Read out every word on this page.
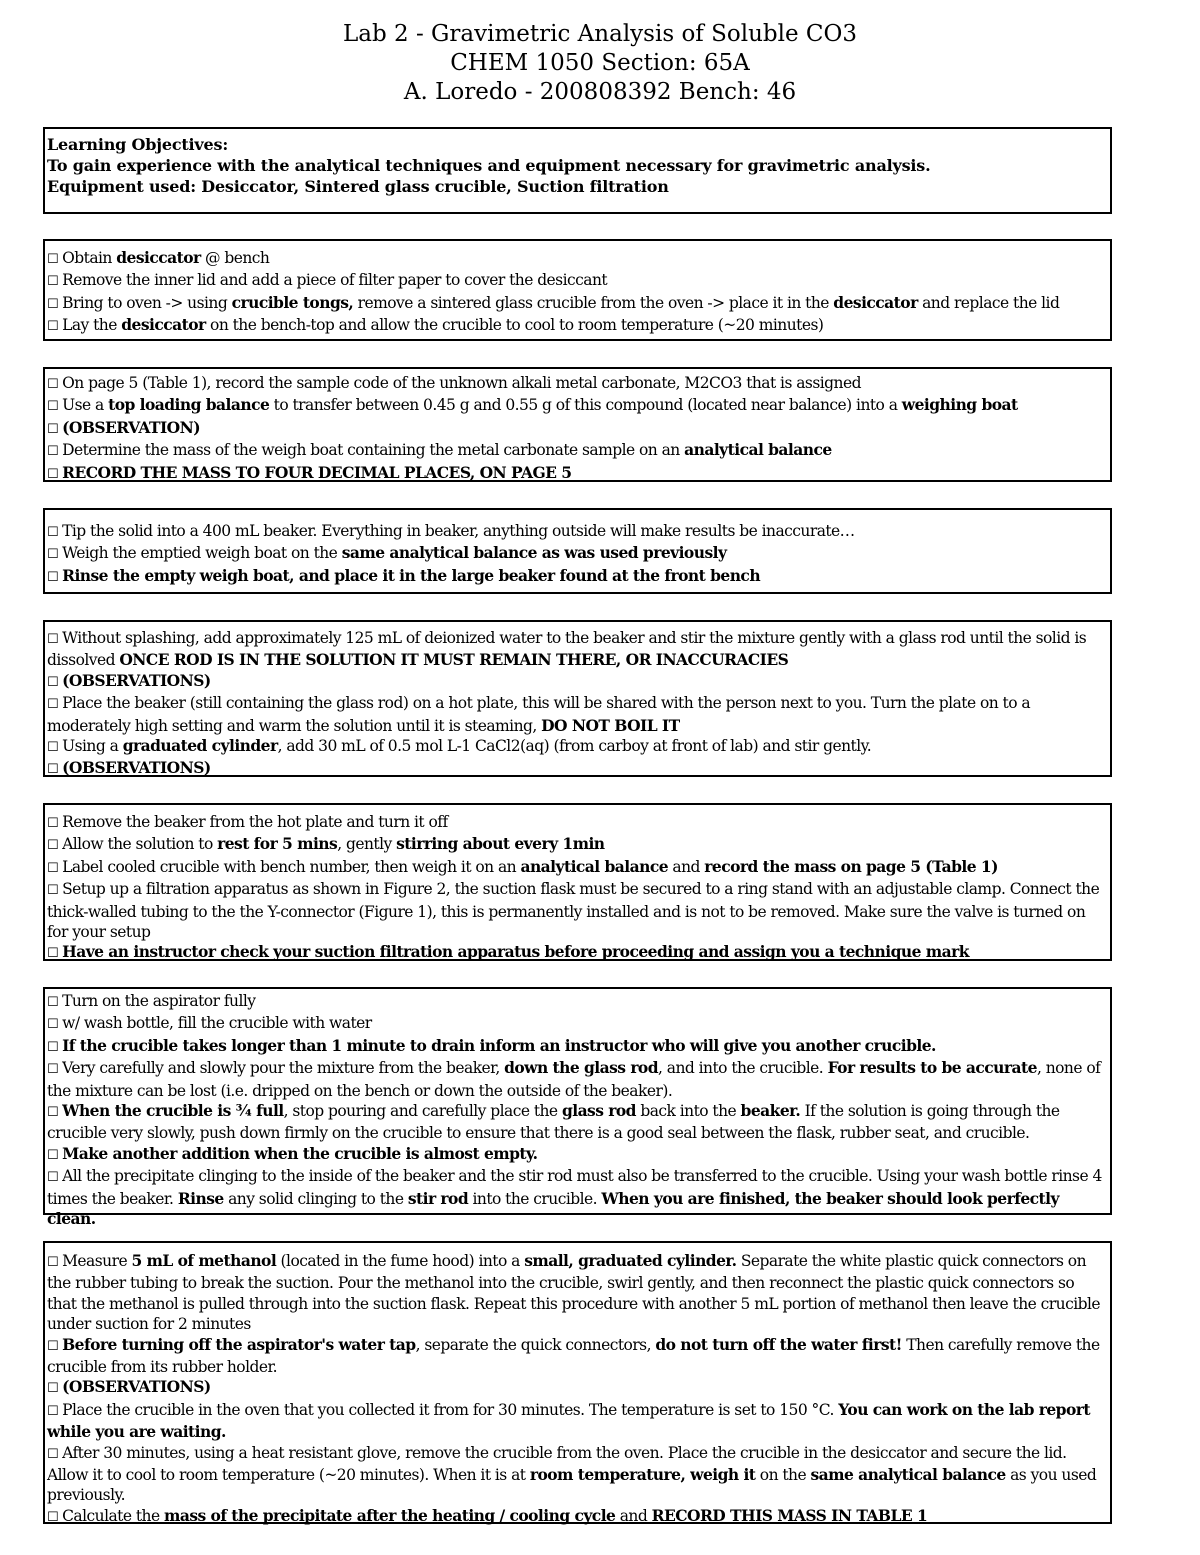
Lab 2 - Gravimetric Analysis of Soluble CO3
CHEM 1050 Section: 65A
A. Loredo - 200808392 Bench: 46

Learning Objectives:

To gain experience with the analytical techniques and equipment necessary for gravimetric analysis.

Equipment used: Desiccator, Sintered glass crucible, Suction filtration

☐ Obtain desiccator @ bench

☐ Remove the inner lid and add a piece of filter paper to cover the desiccant

☐ Bring to oven -> using crucible tongs, remove a sintered glass crucible from the oven -> place it in the desiccator and replace the lid

☐ Lay the desiccator on the bench-top and allow the crucible to cool to room temperature (~20 minutes)

☐ On page 5 (Table 1), record the sample code of the unknown alkali metal carbonate, M2CO3 that is assigned

☐ Use a top loading balance to transfer between 0.45 g and 0.55 g of this compound (located near balance) into a weighing boat

☐ (OBSERVATION)

☐ Determine the mass of the weigh boat containing the metal carbonate sample on an analytical balance

☐ RECORD THE MASS TO FOUR DECIMAL PLACES, ON PAGE 5

☐ Tip the solid into a 400 mL beaker. Everything in beaker, anything outside will make results be inaccurate…

☐ Weigh the emptied weigh boat on the same analytical balance as was used previously

☐ Rinse the empty weigh boat, and place it in the large beaker found at the front bench

☐ Without splashing, add approximately 125 mL of deionized water to the beaker and stir the mixture gently with a glass rod until the solid is dissolved ONCE ROD IS IN THE SOLUTION IT MUST REMAIN THERE, OR INACCURACIES

☐ (OBSERVATIONS)

☐ Place the beaker (still containing the glass rod) on a hot plate, this will be shared with the person next to you. Turn the plate on to a moderately high setting and warm the solution until it is steaming, DO NOT BOIL IT

☐ Using a graduated cylinder, add 30 mL of 0.5 mol L-1 CaCl2(aq) (from carboy at front of lab) and stir gently.

☐ (OBSERVATIONS)

☐ Remove the beaker from the hot plate and turn it off

☐ Allow the solution to rest for 5 mins, gently stirring about every 1min

☐ Label cooled crucible with bench number, then weigh it on an analytical balance and record the mass on page 5 (Table 1)

☐ Setup up a filtration apparatus as shown in Figure 2, the suction flask must be secured to a ring stand with an adjustable clamp. Connect the thick-walled tubing to the the Y-connector (Figure 1), this is permanently installed and is not to be removed. Make sure the valve is turned on for your setup

☐ Have an instructor check your suction filtration apparatus before proceeding and assign you a technique mark

☐ Turn on the aspirator fully

☐ w/ wash bottle, fill the crucible with water

☐ If the crucible takes longer than 1 minute to drain inform an instructor who will give you another crucible.

☐ Very carefully and slowly pour the mixture from the beaker, down the glass rod, and into the crucible. For results to be accurate, none of the mixture can be lost (i.e. dripped on the bench or down the outside of the beaker).

☐ When the crucible is ¾ full, stop pouring and carefully place the glass rod back into the beaker. If the solution is going through the crucible very slowly, push down firmly on the crucible to ensure that there is a good seal between the flask, rubber seat, and crucible.

☐ Make another addition when the crucible is almost empty.

☐ All the precipitate clinging to the inside of the beaker and the stir rod must also be transferred to the crucible. Using your wash bottle rinse 4 times the beaker. Rinse any solid clinging to the stir rod into the crucible. When you are finished, the beaker should look perfectly clean.

☐ Measure 5 mL of methanol (located in the fume hood) into a small, graduated cylinder. Separate the white plastic quick connectors on the rubber tubing to break the suction. Pour the methanol into the crucible, swirl gently, and then reconnect the plastic quick connectors so that the methanol is pulled through into the suction flask. Repeat this procedure with another 5 mL portion of methanol then leave the crucible under suction for 2 minutes

☐ Before turning off the aspirator's water tap, separate the quick connectors, do not turn off the water first! Then carefully remove the crucible from its rubber holder.

☐ (OBSERVATIONS)

☐ Place the crucible in the oven that you collected it from for 30 minutes. The temperature is set to 150 °C. You can work on the lab report while you are waiting.

☐ After 30 minutes, using a heat resistant glove, remove the crucible from the oven. Place the crucible in the desiccator and secure the lid. Allow it to cool to room temperature (~20 minutes). When it is at room temperature, weigh it on the same analytical balance as you used previously.

☐ Calculate the mass of the precipitate after the heating / cooling cycle and RECORD THIS MASS IN TABLE 1
